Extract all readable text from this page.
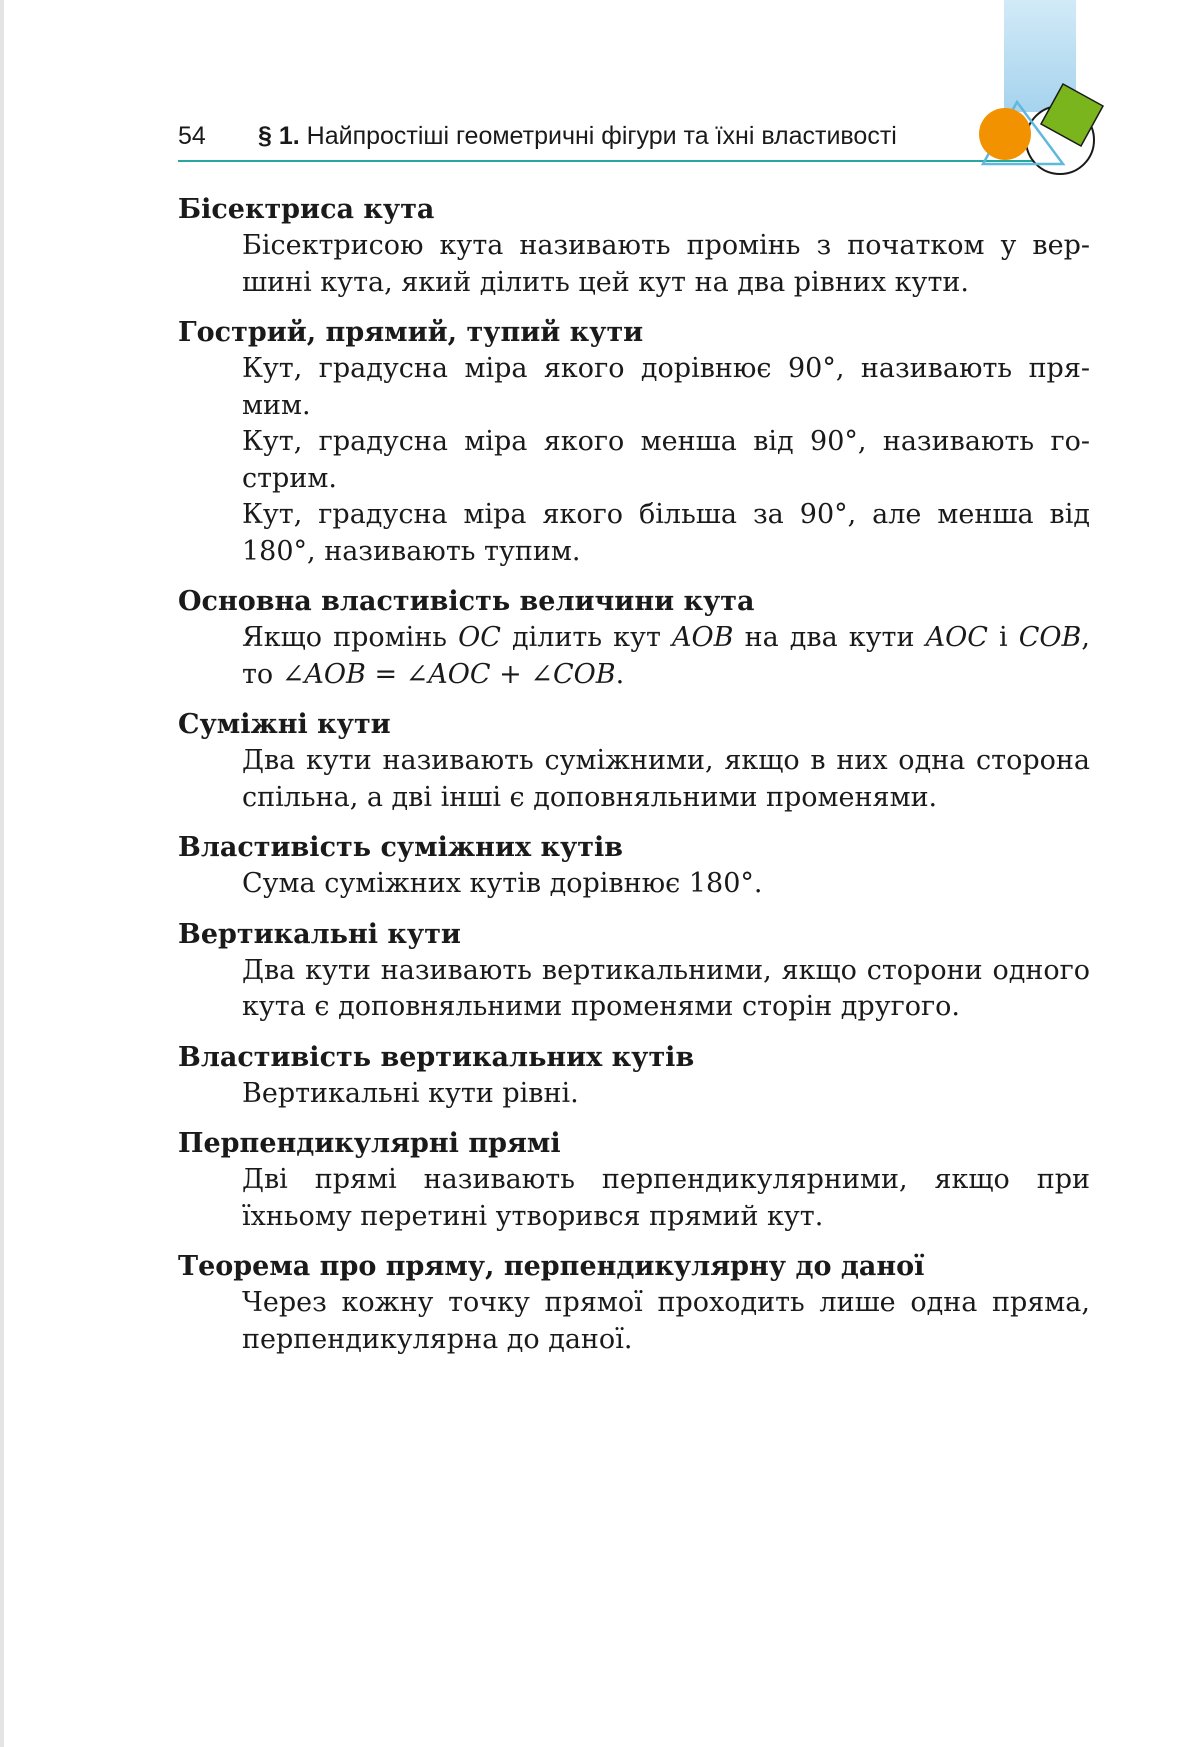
54 § 1. Найпростіші геометричні фігури та їхні властивості

Бісектриса кута

Бісектрисою кута називають промінь з початком у вершині кута, який ділить цей кут на два рівних кути.

Гострий, прямий, тупий кути

Кут, градусна міра якого дорівнює 90°, називають прямим.

Кут, градусна міра якого менша від 90°, називають гострим.

Кут, градусна міра якого більша за 90°, але менша від 180°, називають тупим.

Основна властивість величини кута

Якщо промінь OC ділить кут AOB на два кути AOC і COB, то ∠AOB = ∠AOC + ∠COB.

Суміжні кути

Два кути називають суміжними, якщо в них одна сторона спільна, а дві інші є доповняльними променями.

Властивість суміжних кутів

Сума суміжних кутів дорівнює 180°.

Вертикальні кути

Два кути називають вертикальними, якщо сторони одного кута є доповняльними променями сторін другого.

Властивість вертикальних кутів

Вертикальні кути рівні.

Перпендикулярні прямі

Дві прямі називають перпендикулярними, якщо при їхньому перетині утворився прямий кут.

Теорема про пряму, перпендикулярну до даної

Через кожну точку прямої проходить лише одна пряма, перпендикулярна до даної.
